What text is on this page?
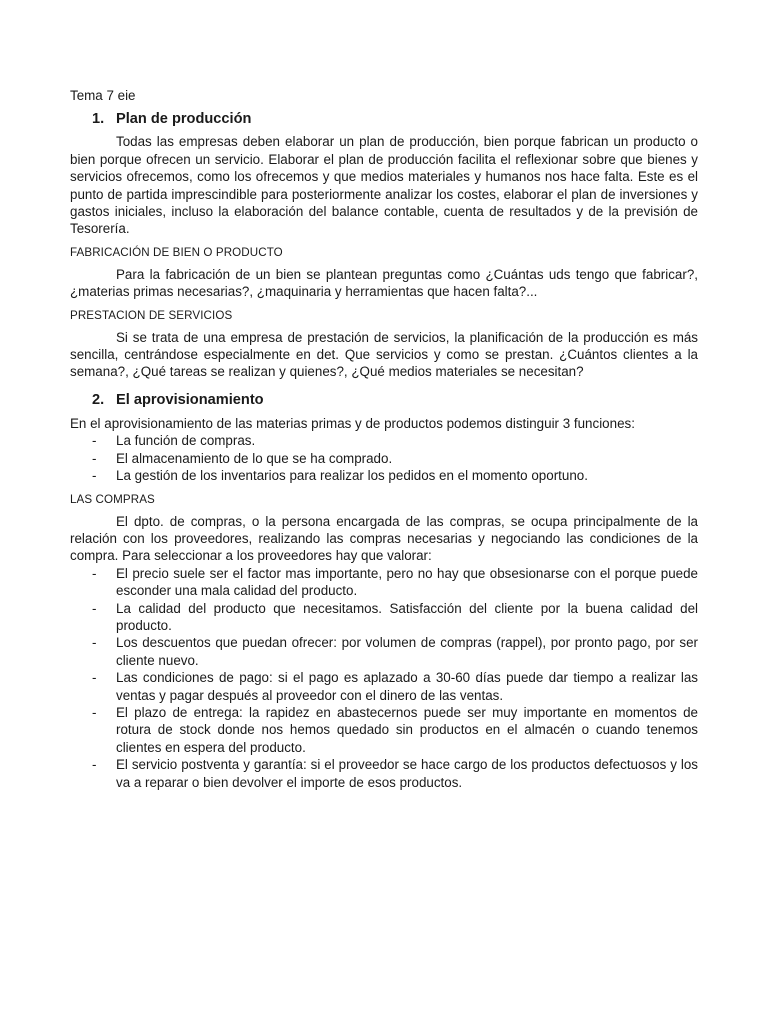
Tema 7 eie
1. Plan de producción

Todas las empresas deben elaborar un plan de producción, bien porque fabrican un producto o bien porque ofrecen un servicio. Elaborar el plan de producción facilita el reflexionar sobre que bienes y servicios ofrecemos, como los ofrecemos y que medios materiales y humanos nos hace falta. Este es el punto de partida imprescindible para posteriormente analizar los costes, elaborar el plan de inversiones y gastos iniciales, incluso la elaboración del balance contable, cuenta de resultados y de la previsión de Tesorería.

FABRICACIÓN DE BIEN O PRODUCTO

Para la fabricación de un bien se plantean preguntas como ¿Cuántas uds tengo que fabricar?, ¿materias primas necesarias?, ¿maquinaria y herramientas que hacen falta?...

PRESTACION DE SERVICIOS

Si se trata de una empresa de prestación de servicios, la planificación de la producción es más sencilla, centrándose especialmente en det. Que servicios y como se prestan. ¿Cuántos clientes a la semana?, ¿Qué tareas se realizan y quienes?, ¿Qué medios materiales se necesitan?

2. El aprovisionamiento

En el aprovisionamiento de las materias primas y de productos podemos distinguir 3 funciones:

- La función de compras.
- El almacenamiento de lo que se ha comprado.
- La gestión de los inventarios para realizar los pedidos en el momento oportuno.
LAS COMPRAS

El dpto. de compras, o la persona encargada de las compras, se ocupa principalmente de la relación con los proveedores, realizando las compras necesarias y negociando las condiciones de la compra. Para seleccionar a los proveedores hay que valorar:

- El precio suele ser el factor mas importante, pero no hay que obsesionarse con el porque puede esconder una mala calidad del producto.
- La calidad del producto que necesitamos. Satisfacción del cliente por la buena calidad del producto.
- Los descuentos que puedan ofrecer: por volumen de compras (rappel), por pronto pago, por ser cliente nuevo.
- Las condiciones de pago: si el pago es aplazado a 30-60 días puede dar tiempo a realizar las ventas y pagar después al proveedor con el dinero de las ventas.
- El plazo de entrega: la rapidez en abastecernos puede ser muy importante en momentos de rotura de stock donde nos hemos quedado sin productos en el almacén o cuando tenemos clientes en espera del producto.
- El servicio postventa y garantía: si el proveedor se hace cargo de los productos defectuosos y los va a reparar o bien devolver el importe de esos productos.
